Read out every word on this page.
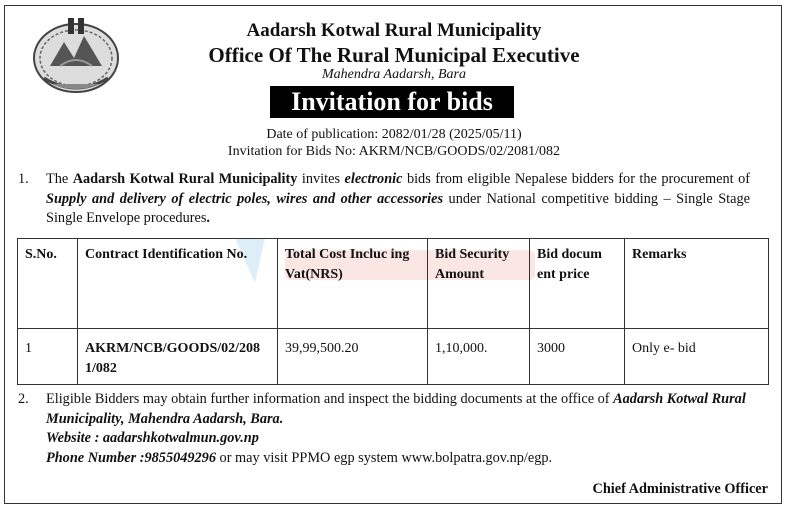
Aadarsh Kotwal Rural Municipality
Office Of The Rural Municipal Executive
Mahendra Aadarsh, Bara
Invitation for bids
Date of publication: 2082/01/28 (2025/05/11)
Invitation for Bids No: AKRM/NCB/GOODS/02/2081/082
1. The Aadarsh Kotwal Rural Municipality invites electronic bids from eligible Nepalese bidders for the procurement of Supply and delivery of electric poles, wires and other accessories under National competitive bidding – Single Stage Single Envelope procedures.
S.No.	Contract Identification No.	Total Cost Incluc ing Vat(NRS)	Bid Security Amount	Bid docum ent price	Remarks
1	AKRM/NCB/GOODS/02/2081/082	39,99,500.20	1,10,000.	3000	Only e- bid
2. Eligible Bidders may obtain further information and inspect the bidding documents at the office of Aadarsh Kotwal Rural Municipality, Mahendra Aadarsh, Bara.
Website : aadarshkotwalmun.gov.np
Phone Number :9855049296 or may visit PPMO egp system www.bolpatra.gov.np/egp.
Chief Administrative Officer
